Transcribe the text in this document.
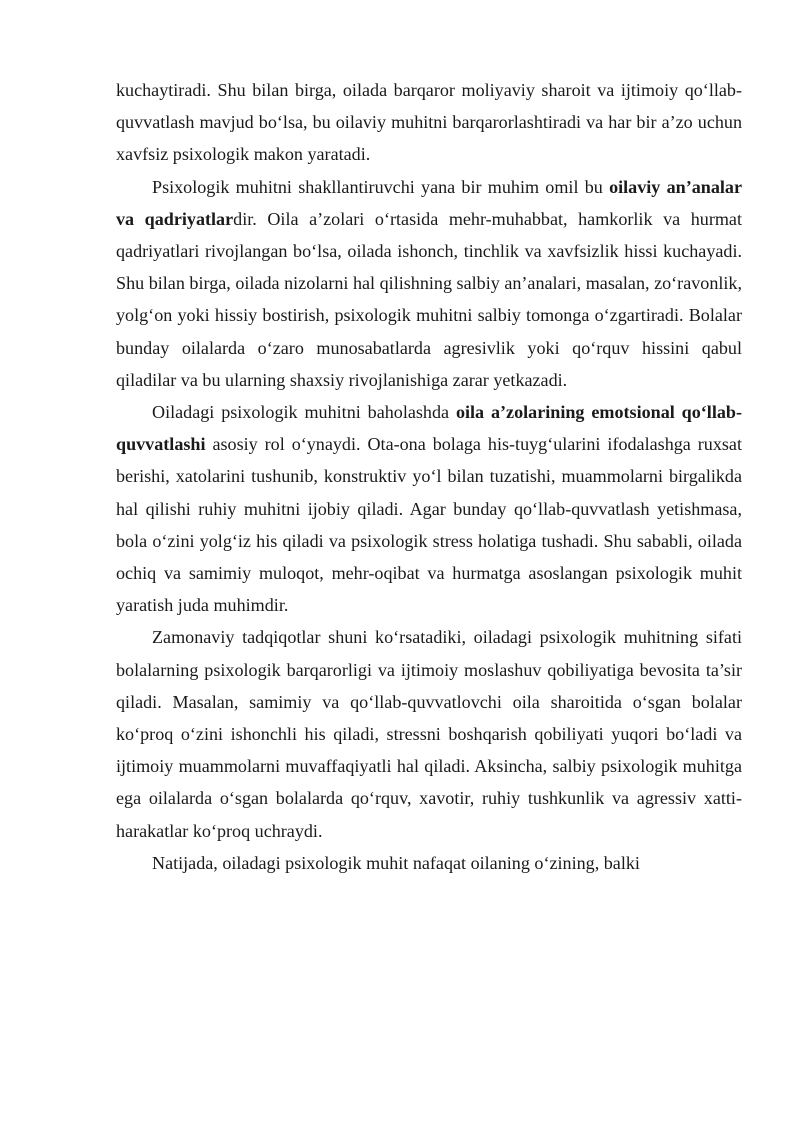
kuchaytiradi. Shu bilan birga, oilada barqaror moliyaviy sharoit va ijtimoiy qo‘llab-quvvatlash mavjud bo‘lsa, bu oilaviy muhitni barqarorlashtiradi va har bir a’zo uchun xavfsiz psixologik makon yaratadi.

Psixologik muhitni shakllantiruvchi yana bir muhim omil bu oilaviy an’analar va qadriyatlardir. Oila a’zolari o‘rtasida mehr-muhabbat, hamkorlik va hurmat qadriyatlari rivojlangan bo‘lsa, oilada ishonch, tinchlik va xavfsizlik hissi kuchayadi. Shu bilan birga, oilada nizolarni hal qilishning salbiy an’analari, masalan, zo‘ravonlik, yolg‘on yoki hissiy bostirish, psixologik muhitni salbiy tomonga o‘zgartiradi. Bolalar bunday oilalarda o‘zaro munosabatlarda agresivlik yoki qo‘rquv hissini qabul qiladilar va bu ularning shaxsiy rivojlanishiga zarar yetkazadi.

Oiladagi psixologik muhitni baholashda oila a’zolarining emotsional qo‘llab-quvvatlashi asosiy rol o‘ynaydi. Ota-ona bolaga his-tuyg‘ularini ifodalashga ruxsat berishi, xatolarini tushunib, konstruktiv yo‘l bilan tuzatishi, muammolarni birgalikda hal qilishi ruhiy muhitni ijobiy qiladi. Agar bunday qo‘llab-quvvatlash yetishmasa, bola o‘zini yolg‘iz his qiladi va psixologik stress holatiga tushadi. Shu sababli, oilada ochiq va samimiy muloqot, mehr-oqibat va hurmatga asoslangan psixologik muhit yaratish juda muhimdir.

Zamonaviy tadqiqotlar shuni ko‘rsatadiki, oiladagi psixologik muhitning sifati bolalarning psixologik barqarorligi va ijtimoiy moslashuv qobiliyatiga bevosita ta’sir qiladi. Masalan, samimiy va qo‘llab-quvvatlovchi oila sharoitida o‘sgan bolalar ko‘proq o‘zini ishonchli his qiladi, stressni boshqarish qobiliyati yuqori bo‘ladi va ijtimoiy muammolarni muvaffaqiyatli hal qiladi. Aksincha, salbiy psixologik muhitga ega oilalarda o‘sgan bolalarda qo‘rquv, xavotir, ruhiy tushkunlik va agressiv xatti-harakatlar ko‘proq uchraydi.

Natijada, oiladagi psixologik muhit nafaqat oilaning o‘zining, balki
